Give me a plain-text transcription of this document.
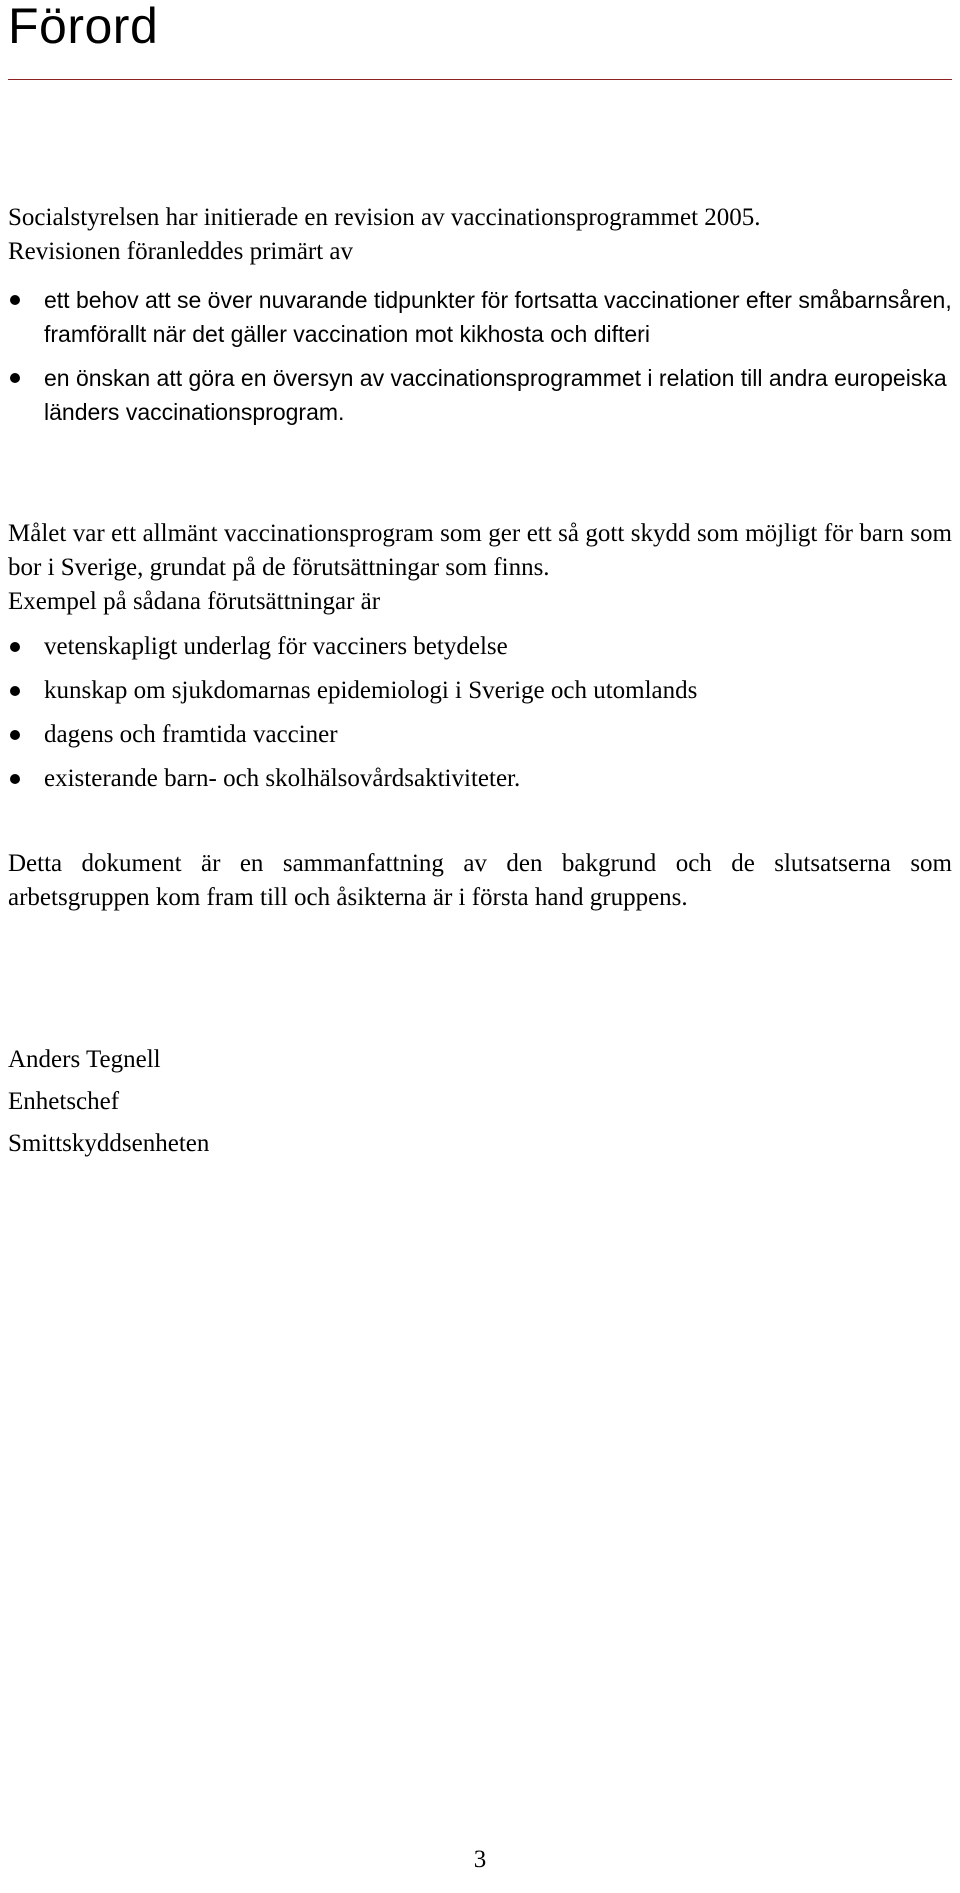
Förord

Socialstyrelsen har initierade en revision av vaccinationsprogrammet 2005.
Revisionen föranleddes primärt av

ett behov att se över nuvarande tidpunkter för fortsatta vaccinationer efter småbarnsåren, framförallt när det gäller vaccination mot kikhosta och difteri
en önskan att göra en översyn av vaccinationsprogrammet i relation till andra europeiska länders vaccinationsprogram.

Målet var ett allmänt vaccinationsprogram som ger ett så gott skydd som möjligt för barn som bor i Sverige, grundat på de förutsättningar som finns.
Exempel på sådana förutsättningar är

vetenskapligt underlag för vacciners betydelse
kunskap om sjukdomarnas epidemiologi i Sverige och utomlands
dagens och framtida vacciner
existerande barn- och skolhälsovårdsaktiviteter.

Detta dokument är en sammanfattning av den bakgrund och de slutsatserna som arbetsgruppen kom fram till och åsikterna är i första hand gruppens.

Anders Tegnell
Enhetschef
Smittskyddsenheten

3
